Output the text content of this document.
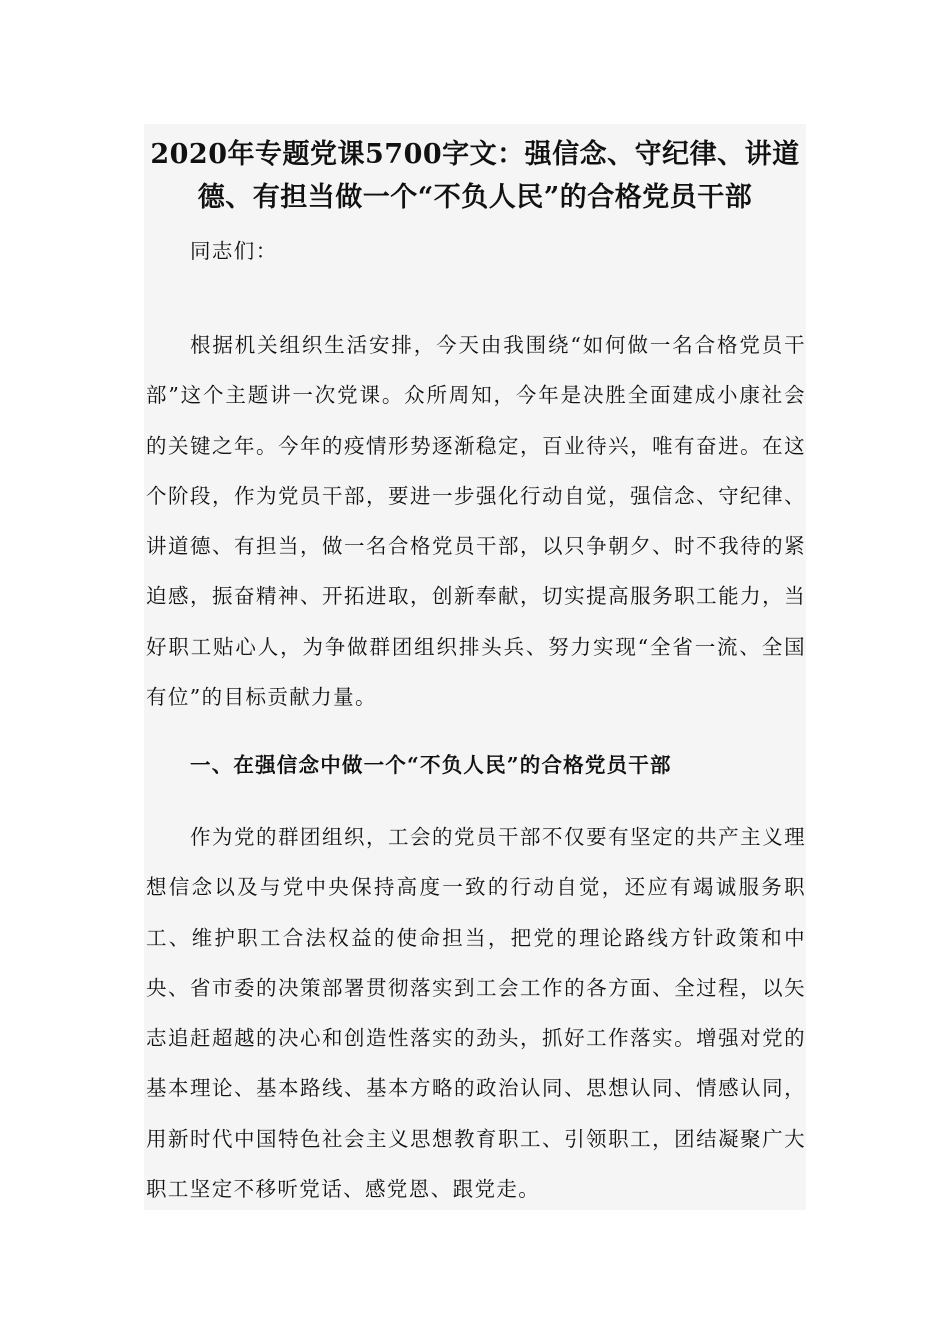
2020年专题党课5700字文：强信念、守纪律、讲道德、有担当做一个“不负人民”的合格党员干部

同志们：

根据机关组织生活安排，今天由我围绕“如何做一名合格党员干部”这个主题讲一次党课。众所周知，今年是决胜全面建成小康社会的关键之年。今年的疫情形势逐渐稳定，百业待兴，唯有奋进。在这个阶段，作为党员干部，要进一步强化行动自觉，强信念、守纪律、讲道德、有担当，做一名合格党员干部，以只争朝夕、时不我待的紧迫感，振奋精神、开拓进取，创新奉献，切实提高服务职工能力，当好职工贴心人，为争做群团组织排头兵、努力实现“全省一流、全国有位”的目标贡献力量。

一、在强信念中做一个“不负人民”的合格党员干部

作为党的群团组织，工会的党员干部不仅要有坚定的共产主义理想信念以及与党中央保持高度一致的行动自觉，还应有竭诚服务职工、维护职工合法权益的使命担当，把党的理论路线方针政策和中央、省市委的决策部署贯彻落实到工会工作的各方面、全过程，以矢志追赶超越的决心和创造性落实的劲头，抓好工作落实。增强对党的基本理论、基本路线、基本方略的政治认同、思想认同、情感认同，用新时代中国特色社会主义思想教育职工、引领职工，团结凝聚广大职工坚定不移听党话、感党恩、跟党走。
